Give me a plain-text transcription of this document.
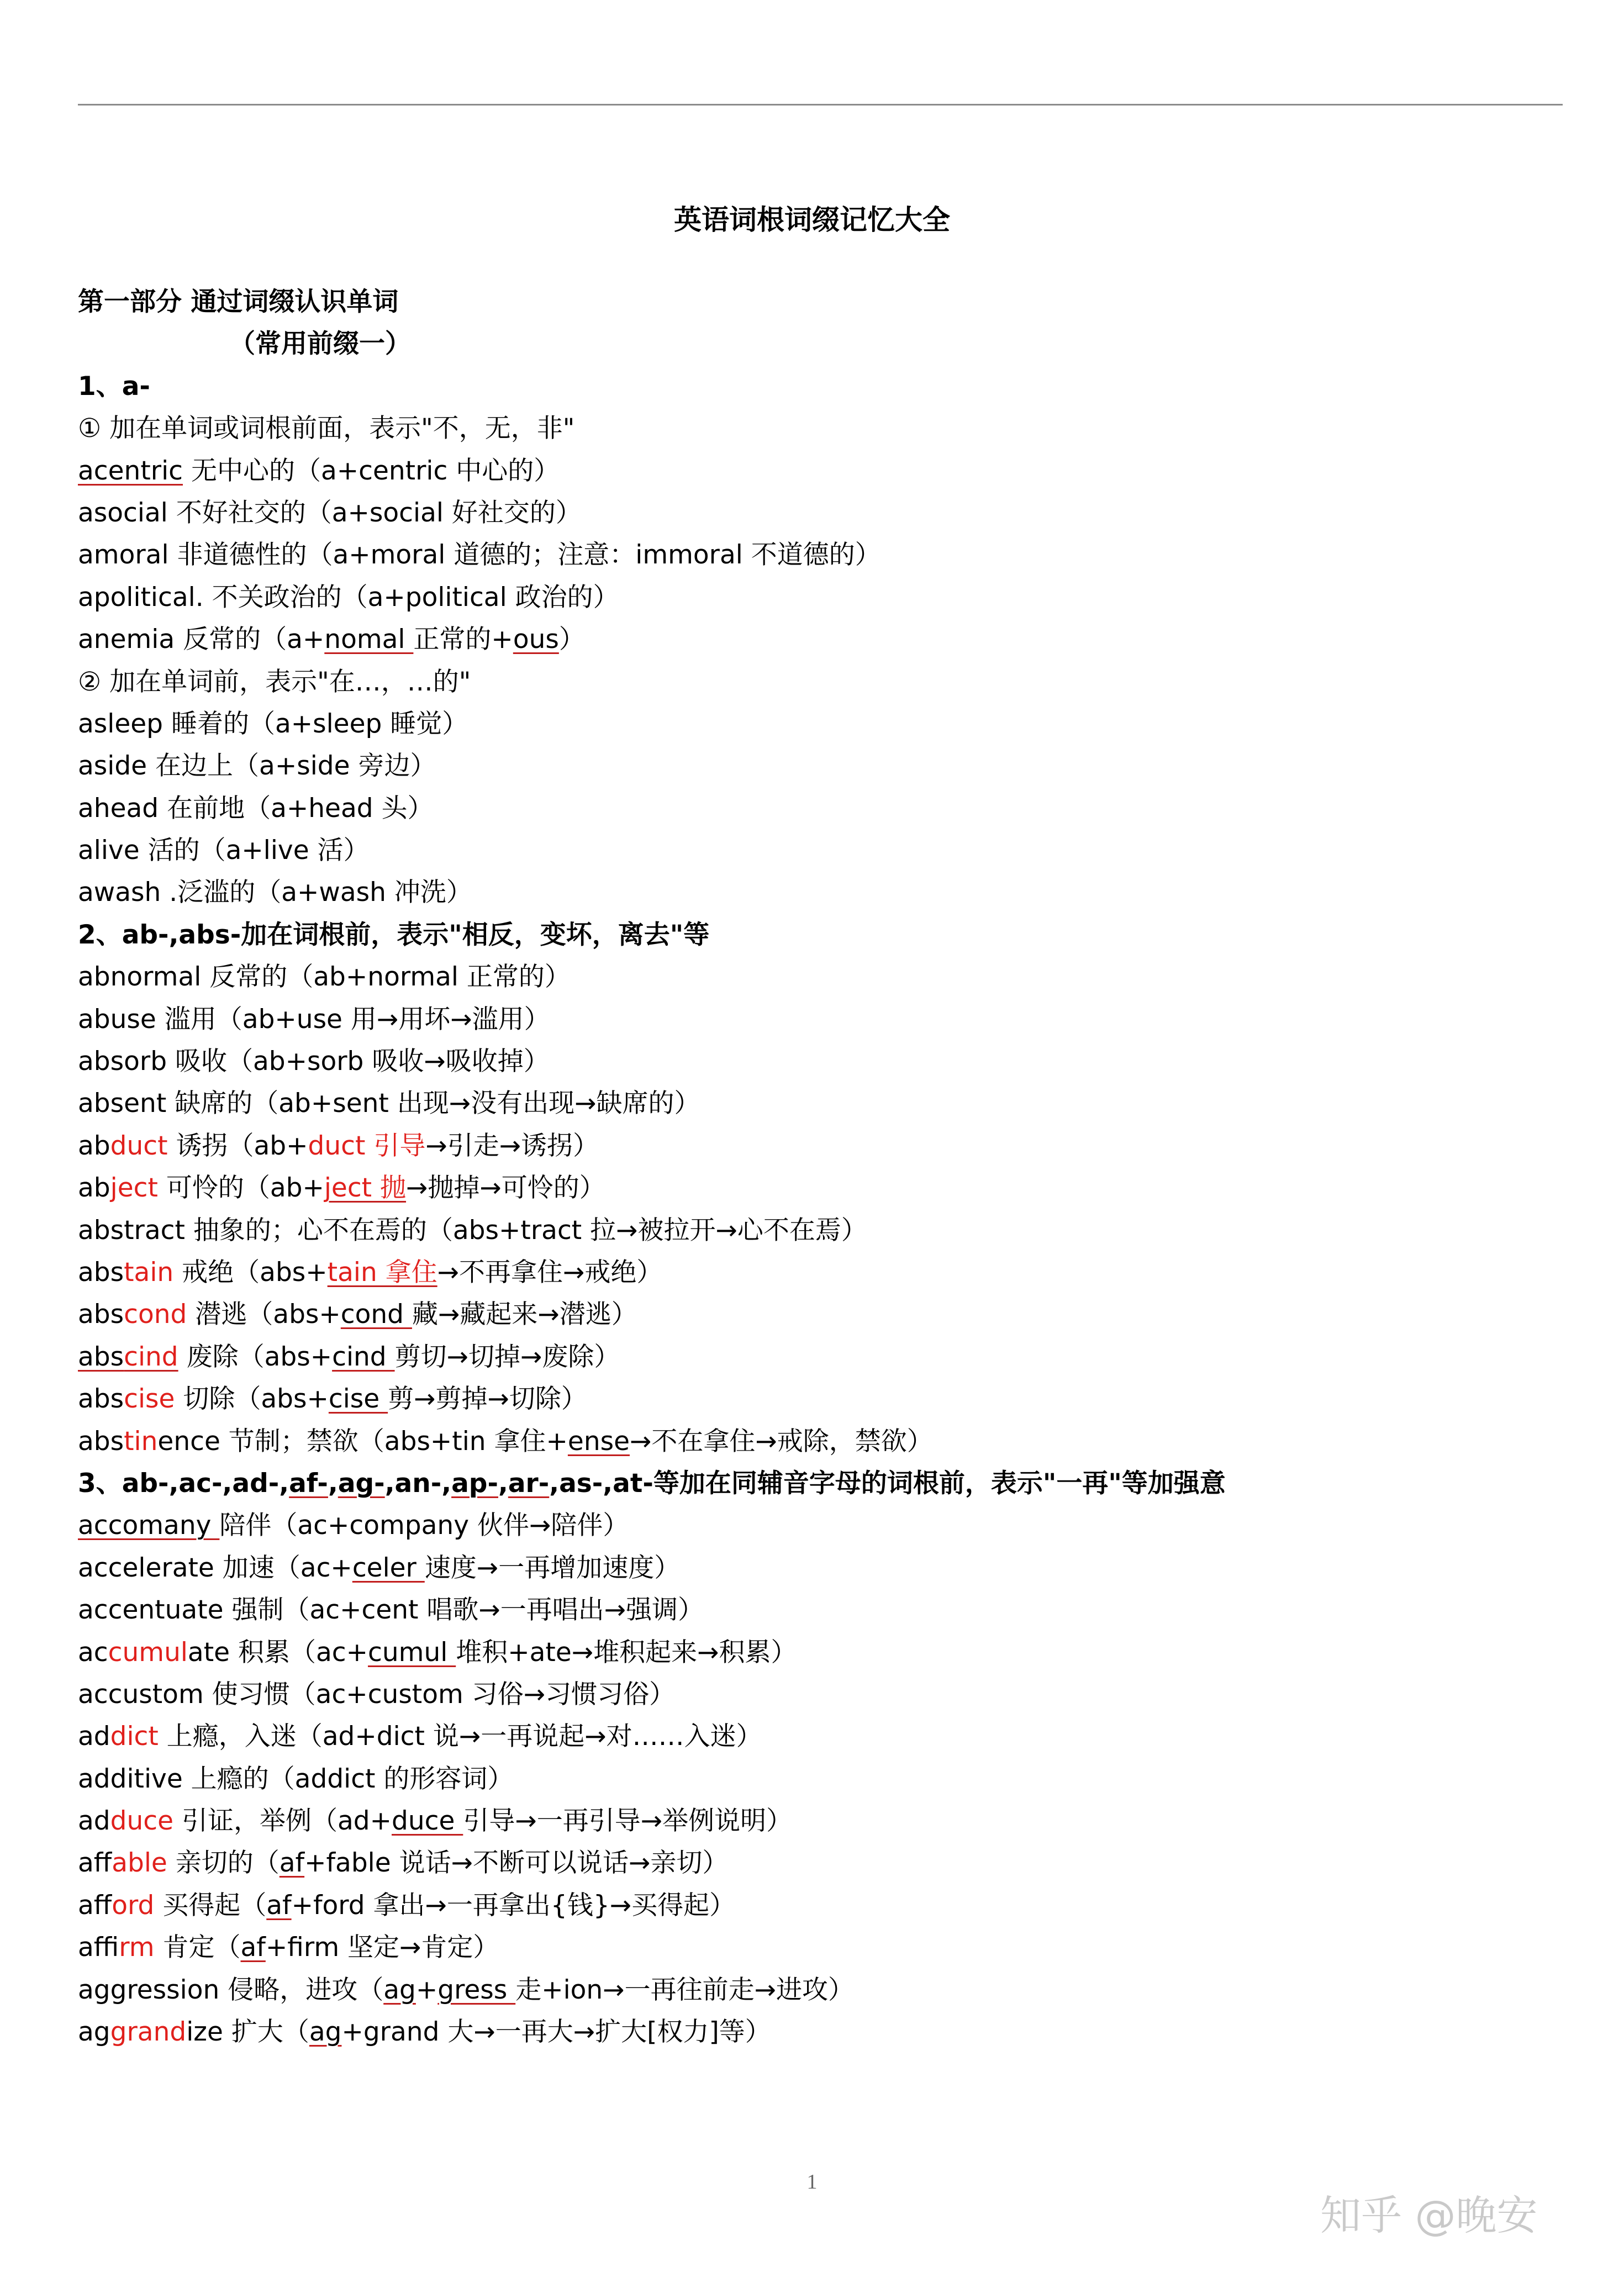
英语词根词缀记忆大全
第一部分 通过词缀认识单词
（常用前缀一）
1、a-
① 加在单词或词根前面，表示"不，无，非"
acentric 无中心的（a+centric 中心的）
asocial 不好社交的（a+social 好社交的）
amoral 非道德性的（a+moral 道德的；注意：immoral 不道德的）
apolitical. 不关政治的（a+political 政治的）
anemia 反常的（a+nomal 正常的+ous）
② 加在单词前，表示"在…，…的"
asleep 睡着的（a+sleep 睡觉）
aside 在边上（a+side 旁边）
ahead 在前地（a+head 头）
alive 活的（a+live 活）
awash .泛滥的（a+wash 冲洗）
2、ab-,abs-加在词根前，表示"相反，变坏，离去"等
abnormal 反常的（ab+normal 正常的）
abuse 滥用（ab+use 用→用坏→滥用）
absorb 吸收（ab+sorb 吸收→吸收掉）
absent 缺席的（ab+sent 出现→没有出现→缺席的）
abduct 诱拐（ab+duct 引导→引走→诱拐）
abject 可怜的（ab+ject 抛→抛掉→可怜的）
abstract 抽象的；心不在焉的（abs+tract 拉→被拉开→心不在焉）
abstain 戒绝（abs+tain 拿住→不再拿住→戒绝）
abscond 潜逃（abs+cond 藏→藏起来→潜逃）
abscind 废除（abs+cind 剪切→切掉→废除）
abscise 切除（abs+cise 剪→剪掉→切除）
abstinence 节制；禁欲（abs+tin 拿住+ense→不在拿住→戒除，禁欲）
3、ab-,ac-,ad-,af-,ag-,an-,ap-,ar-,as-,at-等加在同辅音字母的词根前，表示"一再"等加强意
accomany 陪伴（ac+company 伙伴→陪伴）
accelerate 加速（ac+celer 速度→一再增加速度）
accentuate 强制（ac+cent 唱歌→一再唱出→强调）
accumulate 积累（ac+cumul 堆积+ate→堆积起来→积累）
accustom 使习惯（ac+custom 习俗→习惯习俗）
addict 上瘾，入迷（ad+dict 说→一再说起→对……入迷）
additive 上瘾的（addict 的形容词）
adduce 引证，举例（ad+duce 引导→一再引导→举例说明）
affable 亲切的（af+fable 说话→不断可以说话→亲切）
afford 买得起（af+ford 拿出→一再拿出{钱}→买得起）
affirm 肯定（af+firm 坚定→肯定）
aggression 侵略，进攻（ag+gress 走+ion→一再往前走→进攻）
aggrandize 扩大（ag+grand 大→一再大→扩大[权力]等）
1
知乎 @晚安
